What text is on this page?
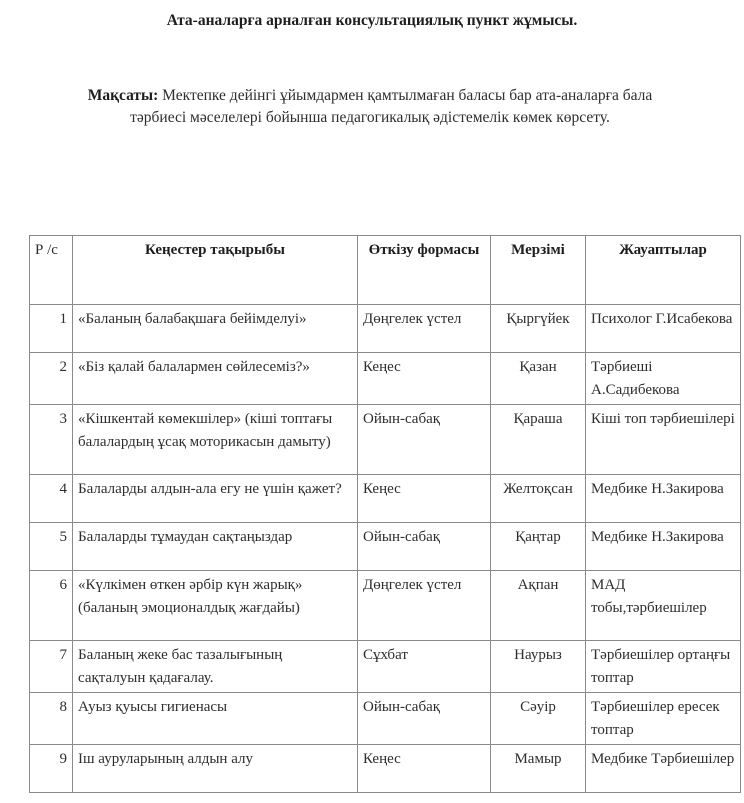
Ата-аналарға арналған консультациялық пункт жұмысы.
Мақсаты: Мектепке дейінгі ұйымдармен қамтылмаған баласы бар ата-аналарға бала тәрбиесі мәселелері бойынша педагогикалық әдістемелік көмек көрсету.
Р /с	Кеңестер тақырыбы	Өткізу формасы	Мерзімі	Жауаптылар
1	«Баланың балабақшаға бейімделуі»	Дөңгелек үстел	Қыргүйек	Психолог Г.Исабекова
2	«Біз қалай балалармен сөйлесеміз?»	Кеңес	Қазан	Тәрбиеші А.Садибекова
3	«Кішкентай көмекшілер» (кіші топтағы балалардың ұсақ моторикасын дамыту)	Ойын-сабақ	Қараша	Кіші топ тәрбиешілері
4	Балаларды алдын-ала егу не үшін қажет?	Кеңес	Желтоқсан	Медбике Н.Закирова
5	Балаларды тұмаудан сақтаңыздар	Ойын-сабақ	Қаңтар	Медбике Н.Закирова
6	«Күлкімен өткен әрбір күн жарық» (баланың эмоционалдық жағдайы)	Дөңгелек үстел	Ақпан	МАД тобы,тәрбиешілер
7	Баланың жеке бас тазалығының сақталуын қадағалау.	Сұхбат	Наурыз	Тәрбиешілер ортаңғы топтар
8	Ауыз қуысы гигиенасы	Ойын-сабақ	Сәуір	Тәрбиешілер ересек топтар
9	Іш ауруларының алдын алу	Кеңес	Мамыр	Медбике Тәрбиешілер
